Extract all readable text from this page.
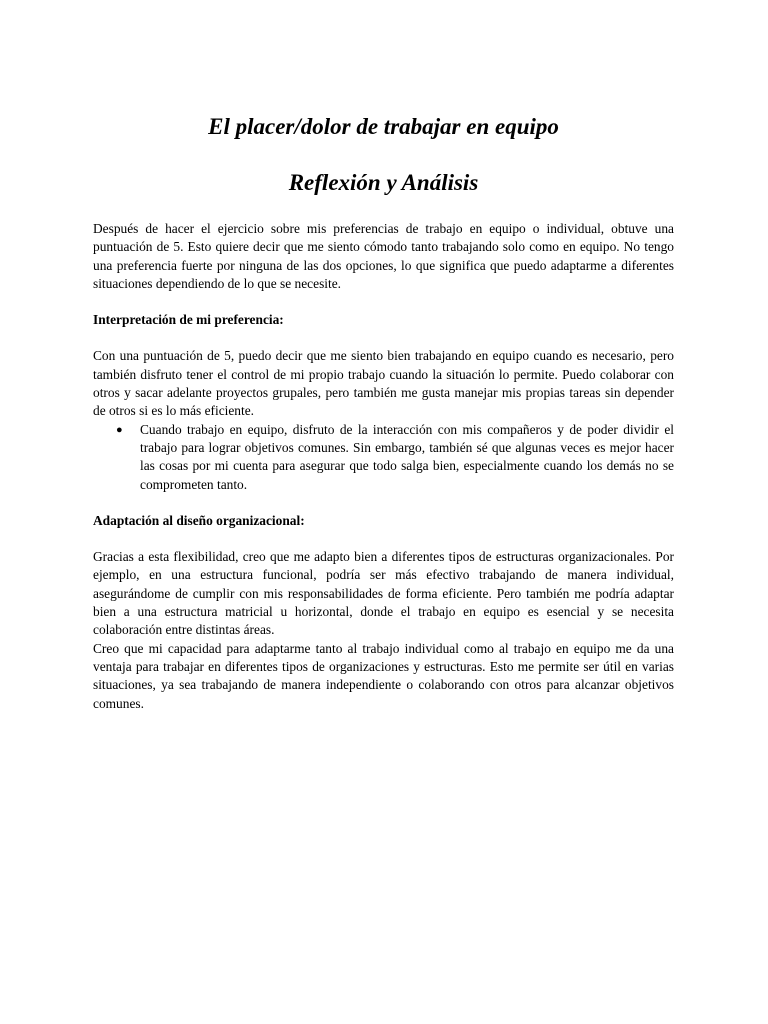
El placer/dolor de trabajar en equipo
Reflexión y Análisis

Después de hacer el ejercicio sobre mis preferencias de trabajo en equipo o individual, obtuve una puntuación de 5. Esto quiere decir que me siento cómodo tanto trabajando solo como en equipo. No tengo una preferencia fuerte por ninguna de las dos opciones, lo que significa que puedo adaptarme a diferentes situaciones dependiendo de lo que se necesite.

Interpretación de mi preferencia:

Con una puntuación de 5, puedo decir que me siento bien trabajando en equipo cuando es necesario, pero también disfruto tener el control de mi propio trabajo cuando la situación lo permite. Puedo colaborar con otros y sacar adelante proyectos grupales, pero también me gusta manejar mis propias tareas sin depender de otros si es lo más eficiente.

● Cuando trabajo en equipo, disfruto de la interacción con mis compañeros y de poder dividir el trabajo para lograr objetivos comunes. Sin embargo, también sé que algunas veces es mejor hacer las cosas por mi cuenta para asegurar que todo salga bien, especialmente cuando los demás no se comprometen tanto.

Adaptación al diseño organizacional:

Gracias a esta flexibilidad, creo que me adapto bien a diferentes tipos de estructuras organizacionales. Por ejemplo, en una estructura funcional, podría ser más efectivo trabajando de manera individual, asegurándome de cumplir con mis responsabilidades de forma eficiente. Pero también me podría adaptar bien a una estructura matricial u horizontal, donde el trabajo en equipo es esencial y se necesita colaboración entre distintas áreas.

Creo que mi capacidad para adaptarme tanto al trabajo individual como al trabajo en equipo me da una ventaja para trabajar en diferentes tipos de organizaciones y estructuras. Esto me permite ser útil en varias situaciones, ya sea trabajando de manera independiente o colaborando con otros para alcanzar objetivos comunes.
